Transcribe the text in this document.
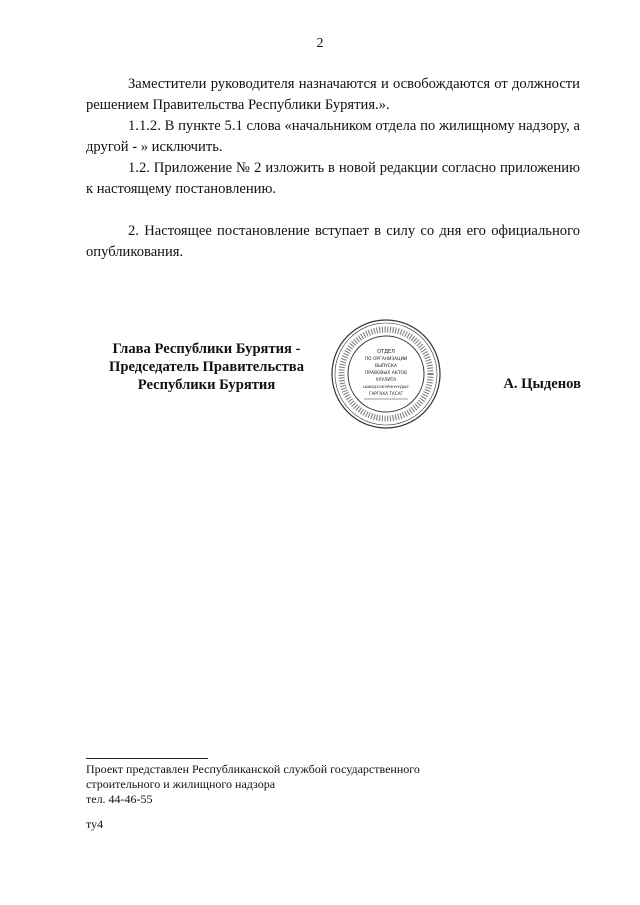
2

Заместители руководителя назначаются и освобождаются от должности решением Правительства Республики Бурятия.».

1.1.2. В пункте 5.1 слова «начальником отдела по жилищному надзору, а другой - » исключить.

1.2. Приложение № 2 изложить в новой редакции согласно приложению к настоящему постановлению.

2. Настоящее постановление вступает в силу со дня его официального опубликования.

Глава Республики Бурятия -
Председатель Правительства
Республики Бурятия
ОТДЕЛ
ПО ОРГАНИЗАЦИИ
ВЫПУСКА
ПРАВОВЫХ АКТОВ
ХУУЛИТА
ШИИДХЭБЭРИНУУДЫЕ
ГАРГАХА ТАСАГ
А. Цыденов
Проект представлен Республиканской службой государственного
строительного и жилищного надзора
тел. 44-46-55
ту4
